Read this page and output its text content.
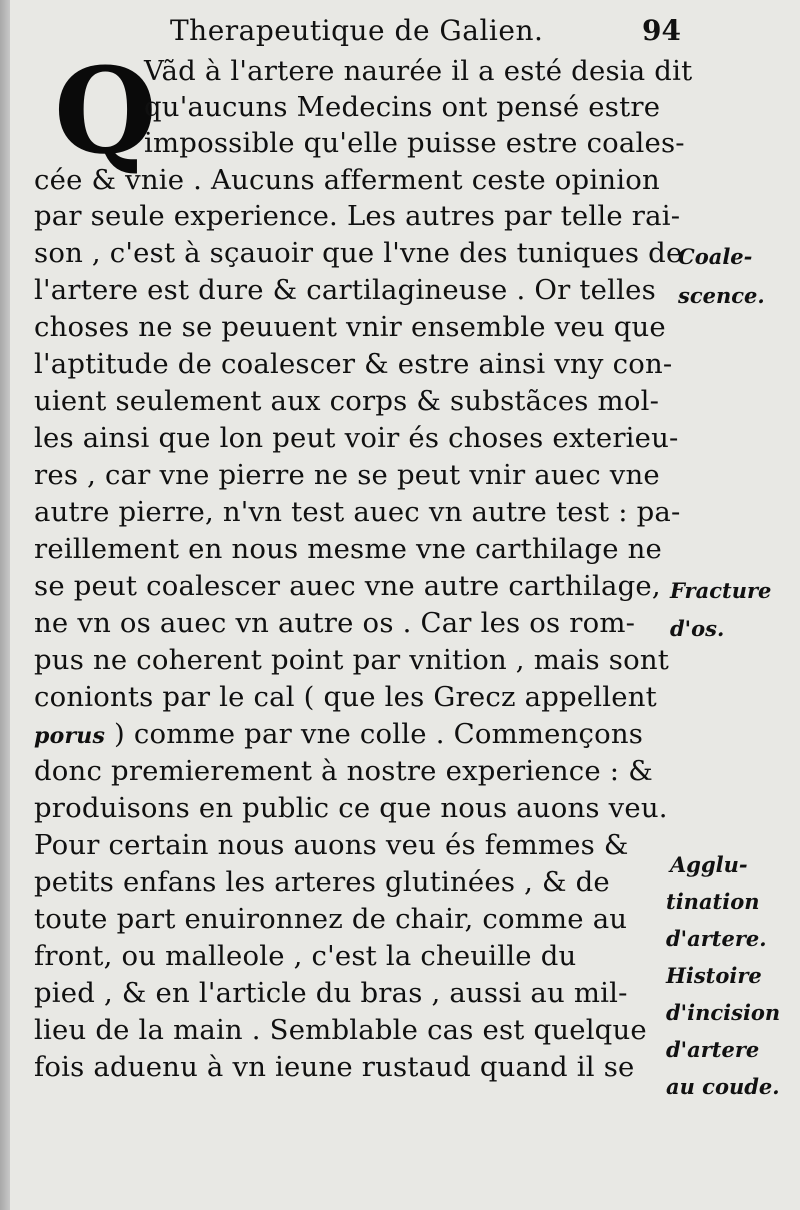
Therapeutique de Galien.	94
Q
Vãd à l'artere naurée il a esté desia dit
qu'aucuns Medecins ont pensé estre
impossible qu'elle puisse estre coales-
cée & vnie . Aucuns afferment ceste opinion
par seule experience. Les autres par telle rai-
son , c'est à sçauoir que l'vne des tuniques de
l'artere est dure & cartilagineuse . Or telles
choses ne se peuuent vnir ensemble veu que
l'aptitude de coalescer & estre ainsi vny con-
uient seulement aux corps & substãces mol-
les ainsi que lon peut voir és choses exterieu-
res , car vne pierre ne se peut vnir auec vne
autre pierre, n'vn test auec vn autre test : pa-
reillement en nous mesme vne carthilage ne
se peut coalescer auec vne autre carthilage,
ne vn os auec vn autre os . Car les os rom-
pus ne coherent point par vnition , mais sont
conionts par le cal ( que les Grecz appellent
porus ) comme par vne colle . Commençons
donc premierement à nostre experience : &
produisons en public ce que nous auons veu.
Pour certain nous auons veu és femmes &
petits enfans les arteres glutinées , & de
toute part enuironnez de chair, comme au
front, ou malleole , c'est la cheuille du
pied , & en l'article du bras , aussi au mil-
lieu de la main . Semblable cas est quelque
fois aduenu à vn ieune rustaud quand il se
Coale-
scence.
Fracture
d'os.
Agglu-
tination
d'artere.
Histoire
d'incision
d'artere
au coude.
